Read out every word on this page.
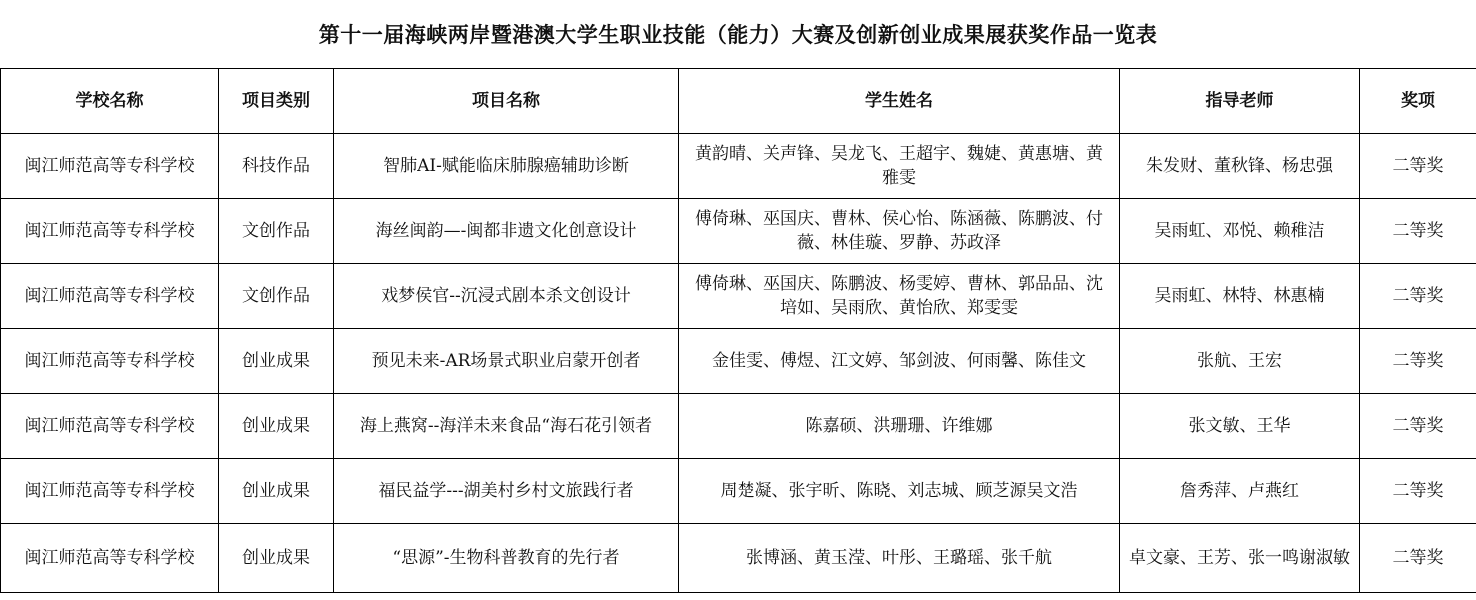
第十一届海峡两岸暨港澳大学生职业技能（能力）大赛及创新创业成果展获奖作品一览表
学校名称	项目类别	项目名称	学生姓名	指导老师	奖项
闽江师范高等专科学校	科技作品	智肺AI-赋能临床肺腺癌辅助诊断	黄韵晴、关声锋、吴龙飞、王超宇、魏婕、黄惠塘、黄雅雯	朱发财、董秋锋、杨忠强	二等奖
闽江师范高等专科学校	文创作品	海丝闽韵—-闽都非遗文化创意设计	傅倚琳、巫国庆、曹林、侯心怡、陈涵薇、陈鹏波、付薇、林佳璇、罗静、苏政泽	吴雨虹、邓悦、赖稚洁	二等奖
闽江师范高等专科学校	文创作品	戏梦侯官--沉浸式剧本杀文创设计	傅倚琳、巫国庆、陈鹏波、杨雯婷、曹林、郭品品、沈培如、吴雨欣、黄怡欣、郑雯雯	吴雨虹、林特、林惠楠	二等奖
闽江师范高等专科学校	创业成果	预见未来-AR场景式职业启蒙开创者	金佳雯、傅煜、江文婷、邹剑波、何雨馨、陈佳文	张航、王宏	二等奖
闽江师范高等专科学校	创业成果	海上燕窝--海洋未来食品“海石花引领者	陈嘉硕、洪珊珊、许维娜	张文敏、王华	二等奖
闽江师范高等专科学校	创业成果	福民益学---湖美村乡村文旅践行者	周楚凝、张宇昕、陈晓、刘志城、顾芝源吴文浩	詹秀萍、卢燕红	二等奖
闽江师范高等专科学校	创业成果	“思源”-生物科普教育的先行者	张博涵、黄玉滢、叶彤、王璐瑶、张千航	卓文豪、王芳、张一鸣谢淑敏	二等奖
